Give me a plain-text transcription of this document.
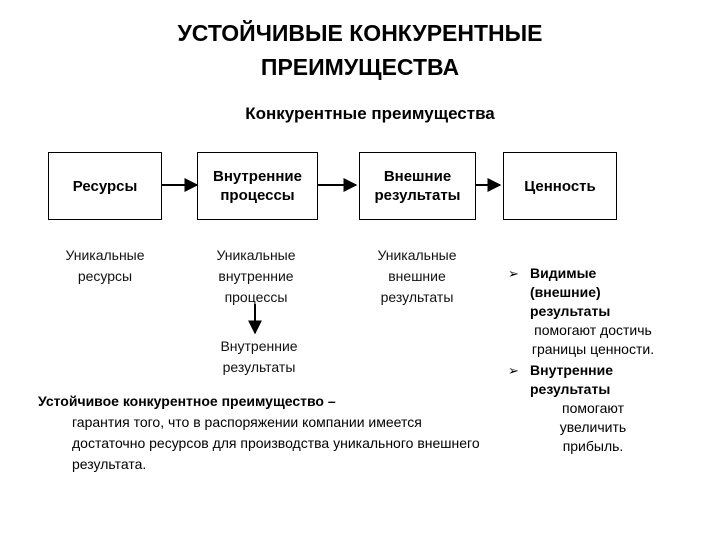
УСТОЙЧИВЫЕ КОНКУРЕНТНЫЕ
ПРЕИМУЩЕСТВА
Конкурентные преимущества
Ресурсы
Внутренние процессы
Внешние результаты
Ценность
Уникальные ресурсы
Уникальные внутренние процессы
Уникальные внешние результаты
Внутренние результаты
➢ Видимые (внешние) результаты
помогают достичь границы ценности.
➢ Внутренние результаты
помогают увеличить прибыль.
Устойчивое конкурентное преимущество –
гарантия того, что в распоряжении компании имеется достаточно ресурсов для производства уникального внешнего результата.
